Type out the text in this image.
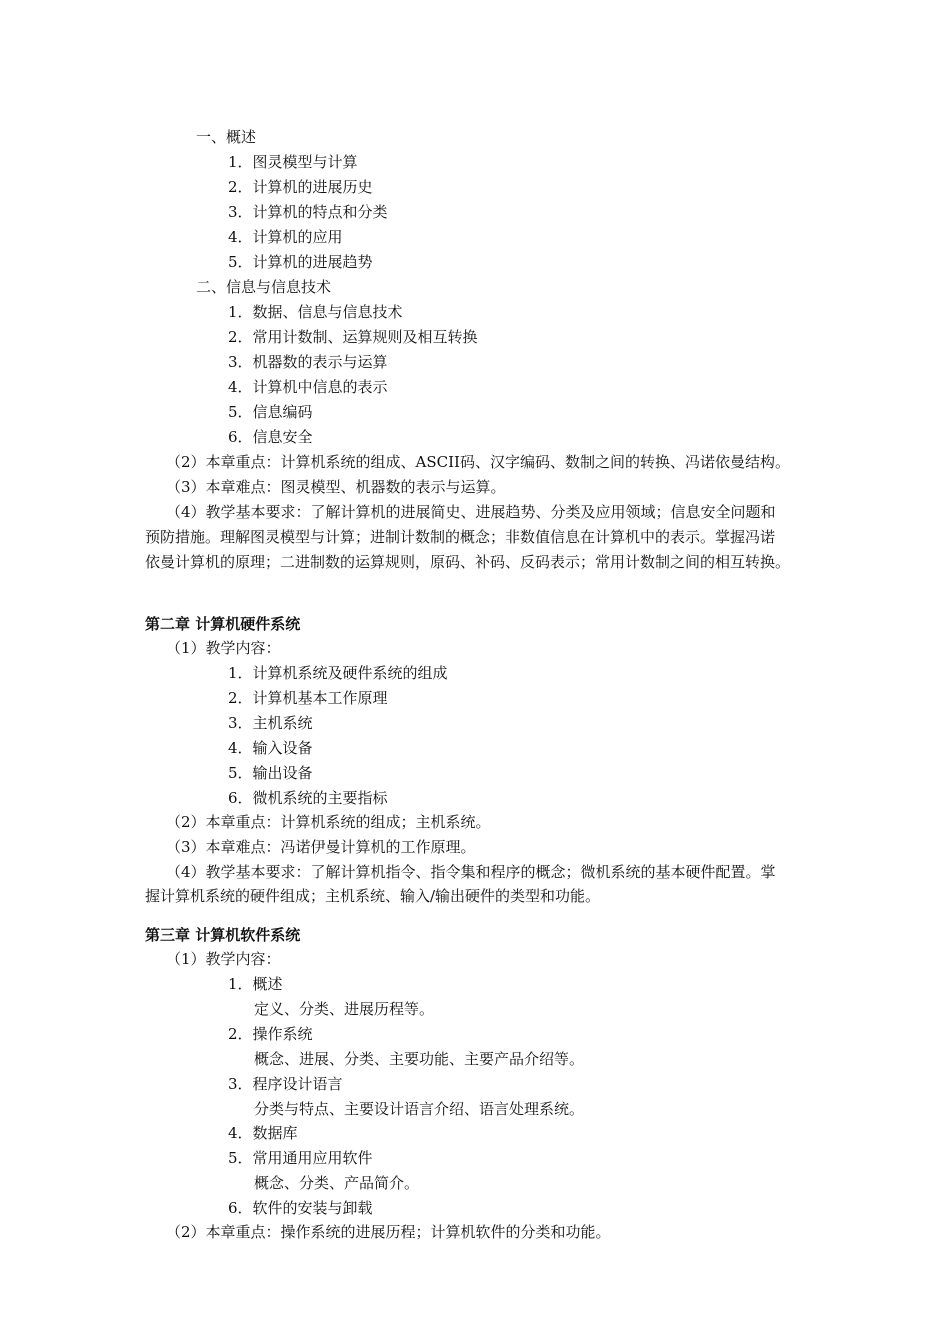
一、概述
1．图灵模型与计算
2．计算机的进展历史
3．计算机的特点和分类
4．计算机的应用
5．计算机的进展趋势
二、信息与信息技术
1．数据、信息与信息技术
2．常用计数制、运算规则及相互转换
3．机器数的表示与运算
4．计算机中信息的表示
5．信息编码
6．信息安全
（2）本章重点：计算机系统的组成、ASCII码、汉字编码、数制之间的转换、冯诺依曼结构。
（3）本章难点：图灵模型、机器数的表示与运算。
（4）教学基本要求：了解计算机的进展简史、进展趋势、分类及应用领域；信息安全问题和
预防措施。理解图灵模型与计算；进制计数制的概念；非数值信息在计算机中的表示。掌握冯诺
依曼计算机的原理；二进制数的运算规则，原码、补码、反码表示；常用计数制之间的相互转换。
第二章 计算机硬件系统
（1）教学内容：
1．计算机系统及硬件系统的组成
2．计算机基本工作原理
3．主机系统
4．输入设备
5．输出设备
6．微机系统的主要指标
（2）本章重点：计算机系统的组成；主机系统。
（3）本章难点：冯诺伊曼计算机的工作原理。
（4）教学基本要求：了解计算机指令、指令集和程序的概念；微机系统的基本硬件配置。掌
握计算机系统的硬件组成；主机系统、输入/输出硬件的类型和功能。
第三章 计算机软件系统
（1）教学内容：
1．概述
定义、分类、进展历程等。
2．操作系统
概念、进展、分类、主要功能、主要产品介绍等。
3．程序设计语言
分类与特点、主要设计语言介绍、语言处理系统。
4．数据库
5．常用通用应用软件
概念、分类、产品简介。
6．软件的安装与卸载
（2）本章重点：操作系统的进展历程；计算机软件的分类和功能。
